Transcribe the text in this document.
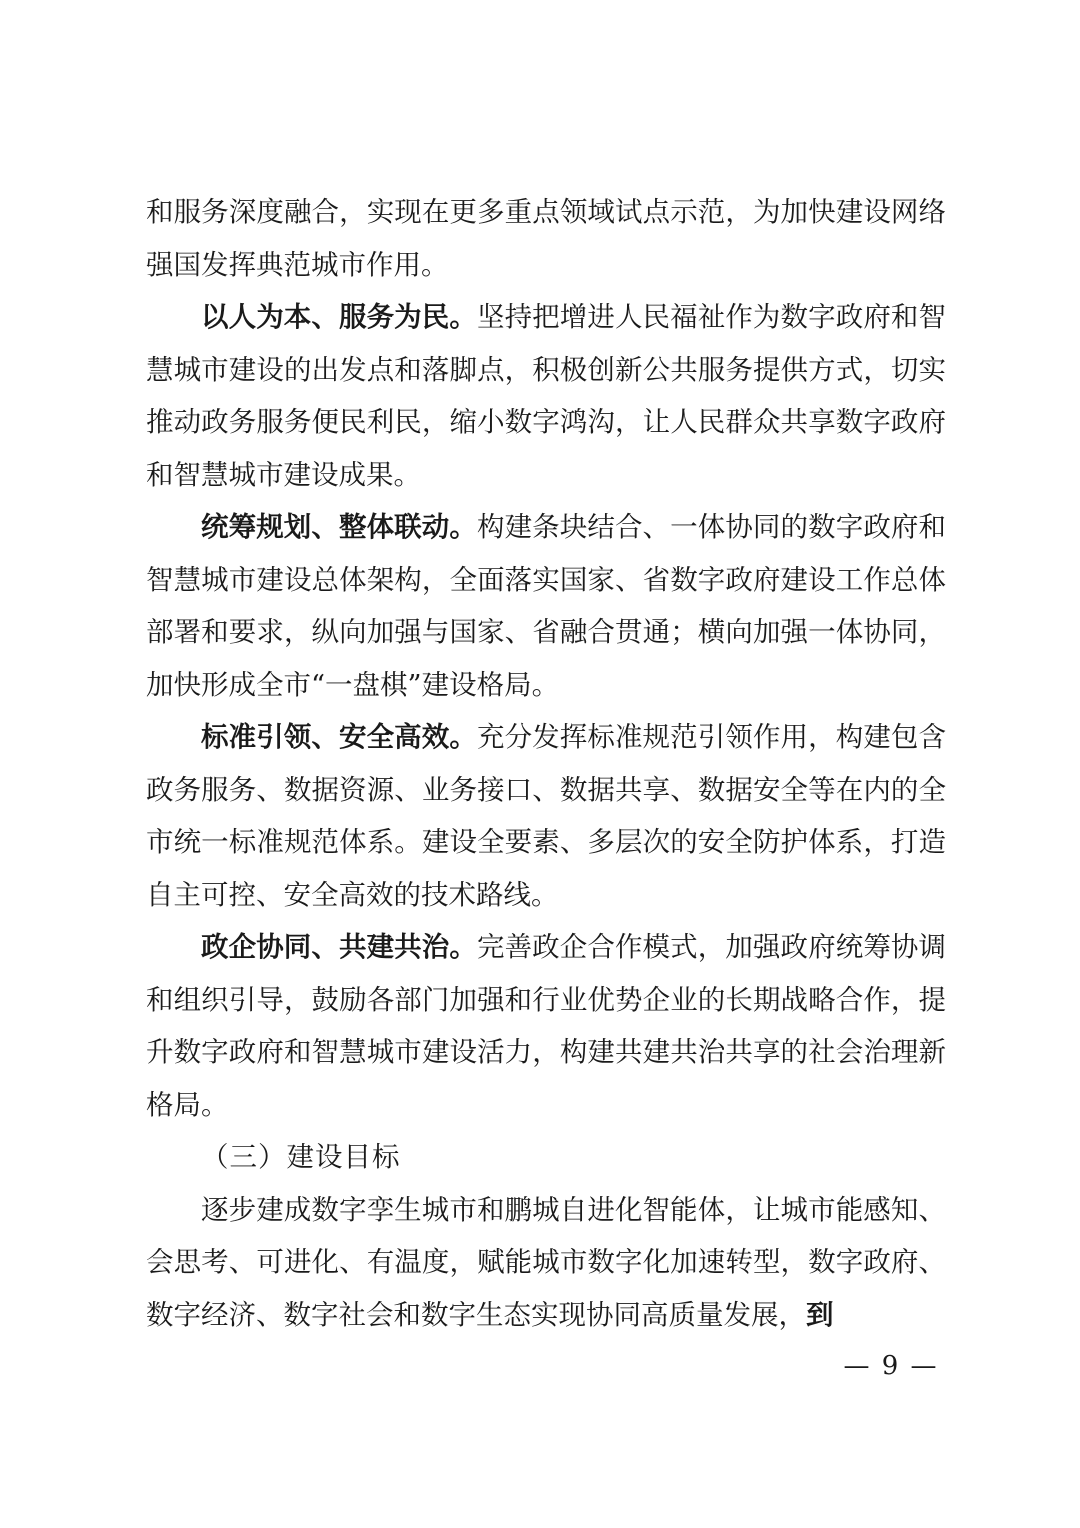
和服务深度融合，实现在更多重点领域试点示范，为加快建设网络强国发挥典范城市作用。

以人为本、服务为民。坚持把增进人民福祉作为数字政府和智慧城市建设的出发点和落脚点，积极创新公共服务提供方式，切实推动政务服务便民利民，缩小数字鸿沟，让人民群众共享数字政府和智慧城市建设成果。

统筹规划、整体联动。构建条块结合、一体协同的数字政府和智慧城市建设总体架构，全面落实国家、省数字政府建设工作总体部署和要求，纵向加强与国家、省融合贯通；横向加强一体协同，加快形成全市“一盘棋”建设格局。

标准引领、安全高效。充分发挥标准规范引领作用，构建包含政务服务、数据资源、业务接口、数据共享、数据安全等在内的全市统一标准规范体系。建设全要素、多层次的安全防护体系，打造自主可控、安全高效的技术路线。

政企协同、共建共治。完善政企合作模式，加强政府统筹协调和组织引导，鼓励各部门加强和行业优势企业的长期战略合作，提升数字政府和智慧城市建设活力，构建共建共治共享的社会治理新格局。

（三）建设目标

逐步建成数字孪生城市和鹏城自进化智能体，让城市能感知、会思考、可进化、有温度，赋能城市数字化加速转型，数字政府、数字经济、数字社会和数字生态实现协同高质量发展，到

— 9 —
